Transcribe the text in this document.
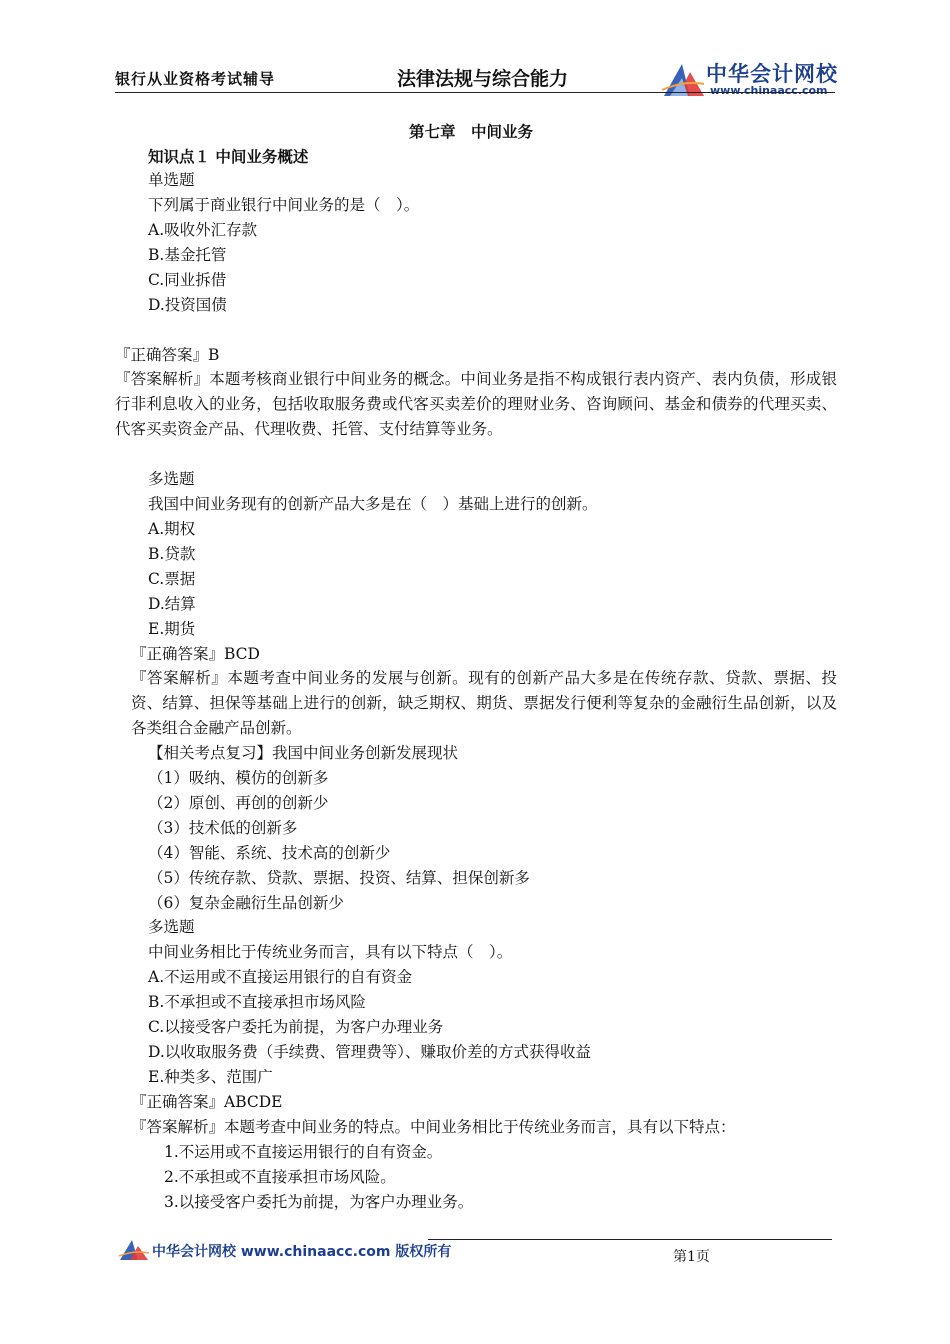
银行从业资格考试辅导	法律法规与综合能力	中华会计网校
www.chinaacc.com
第七章　中间业务
知识点１ 中间业务概述
单选题
下列属于商业银行中间业务的是（　）。
A.吸收外汇存款
B.基金托管
C.同业拆借
D.投资国债
『正确答案』B
『答案解析』本题考核商业银行中间业务的概念。中间业务是指不构成银行表内资产、表内负债，形成银行非利息收入的业务，包括收取服务费或代客买卖差价的理财业务、咨询顾问、基金和债券的代理买卖、代客买卖资金产品、代理收费、托管、支付结算等业务。
多选题
我国中间业务现有的创新产品大多是在（　）基础上进行的创新。
A.期权
B.贷款
C.票据
D.结算
E.期货
『正确答案』BCD
『答案解析』本题考查中间业务的发展与创新。现有的创新产品大多是在传统存款、贷款、票据、投资、结算、担保等基础上进行的创新，缺乏期权、期货、票据发行便利等复杂的金融衍生品创新，以及各类组合金融产品创新。
【相关考点复习】我国中间业务创新发展现状
（1）吸纳、模仿的创新多
（2）原创、再创的创新少
（3）技术低的创新多
（4）智能、系统、技术高的创新少
（5）传统存款、贷款、票据、投资、结算、担保创新多
（6）复杂金融衍生品创新少
多选题
中间业务相比于传统业务而言，具有以下特点（　）。
A.不运用或不直接运用银行的自有资金
B.不承担或不直接承担市场风险
C.以接受客户委托为前提，为客户办理业务
D.以收取服务费（手续费、管理费等）、赚取价差的方式获得收益
E.种类多、范围广
『正确答案』ABCDE
『答案解析』本题考查中间业务的特点。中间业务相比于传统业务而言，具有以下特点：
1.不运用或不直接运用银行的自有资金。
2.不承担或不直接承担市场风险。
3.以接受客户委托为前提，为客户办理业务。
中华会计网校 www.chinaacc.com 版权所有	第1页
